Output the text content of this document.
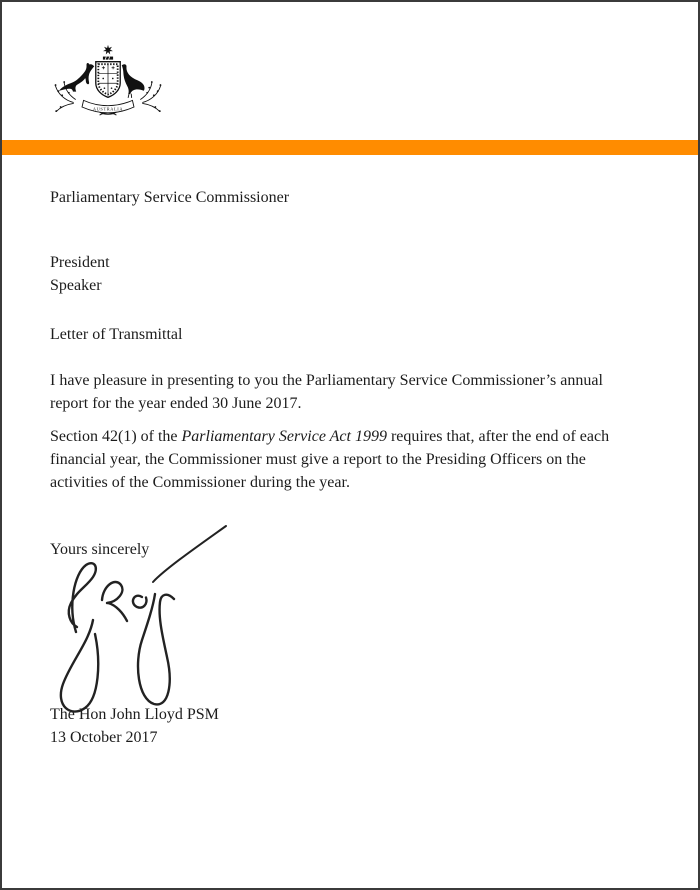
AUSTRALIA
Parliamentary Service Commissioner
President
Speaker
Letter of Transmittal
I have pleasure in presenting to you the Parliamentary Service Commissioner’s annual
report for the year ended 30 June 2017.
Section 42(1) of the Parliamentary Service Act 1999 requires that, after the end of each
financial year, the Commissioner must give a report to the Presiding Officers on the
activities of the Commissioner during the year.
Yours sincerely
The Hon John Lloyd PSM
13 October 2017
